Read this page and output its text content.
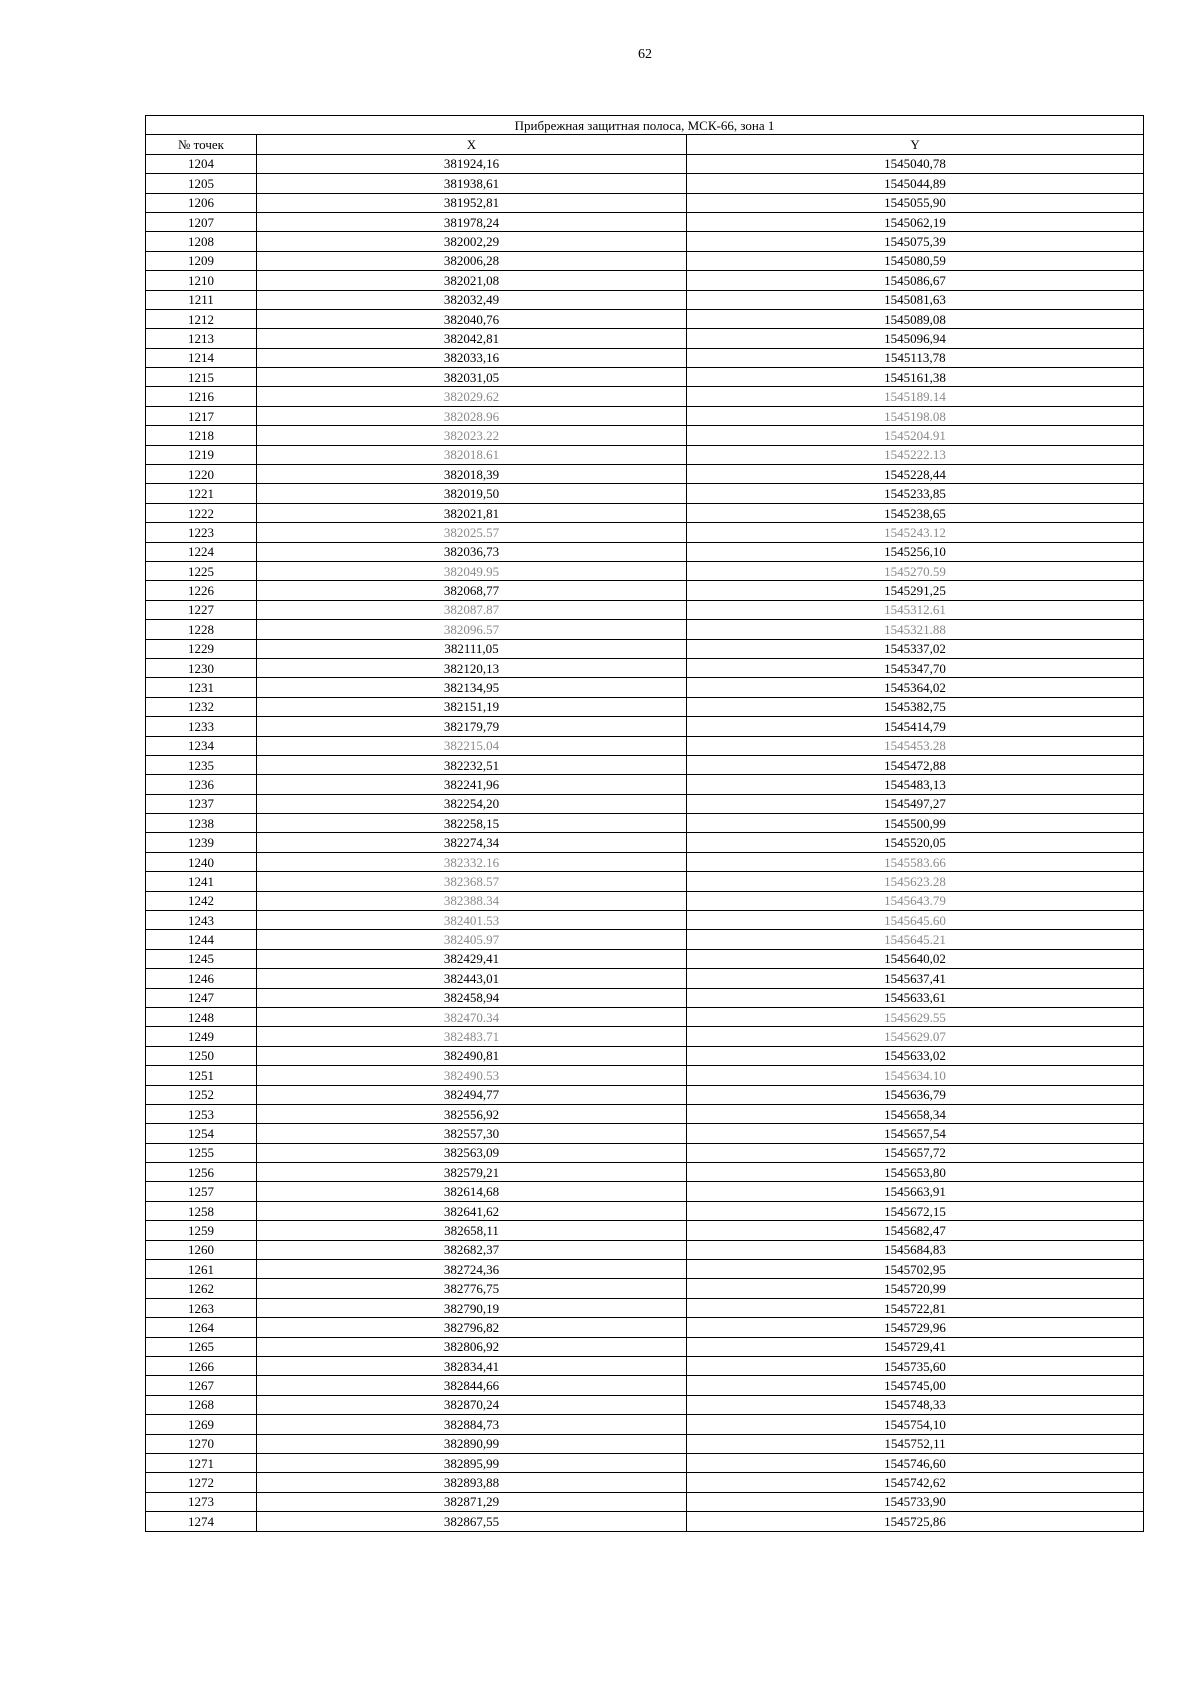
62
Прибрежная защитная полоса, МСК-66, зона 1		
№ точек	X	Y
1204	381924,16	1545040,78
1205	381938,61	1545044,89
1206	381952,81	1545055,90
1207	381978,24	1545062,19
1208	382002,29	1545075,39
1209	382006,28	1545080,59
1210	382021,08	1545086,67
1211	382032,49	1545081,63
1212	382040,76	1545089,08
1213	382042,81	1545096,94
1214	382033,16	1545113,78
1215	382031,05	1545161,38
1216	382029.62	1545189.14
1217	382028.96	1545198.08
1218	382023.22	1545204.91
1219	382018.61	1545222.13
1220	382018,39	1545228,44
1221	382019,50	1545233,85
1222	382021,81	1545238,65
1223	382025.57	1545243.12
1224	382036,73	1545256,10
1225	382049.95	1545270.59
1226	382068,77	1545291,25
1227	382087.87	1545312.61
1228	382096.57	1545321.88
1229	382111,05	1545337,02
1230	382120,13	1545347,70
1231	382134,95	1545364,02
1232	382151,19	1545382,75
1233	382179,79	1545414,79
1234	382215.04	1545453.28
1235	382232,51	1545472,88
1236	382241,96	1545483,13
1237	382254,20	1545497,27
1238	382258,15	1545500,99
1239	382274,34	1545520,05
1240	382332.16	1545583.66
1241	382368.57	1545623.28
1242	382388.34	1545643.79
1243	382401.53	1545645.60
1244	382405.97	1545645.21
1245	382429,41	1545640,02
1246	382443,01	1545637,41
1247	382458,94	1545633,61
1248	382470.34	1545629.55
1249	382483.71	1545629.07
1250	382490,81	1545633,02
1251	382490.53	1545634.10
1252	382494,77	1545636,79
1253	382556,92	1545658,34
1254	382557,30	1545657,54
1255	382563,09	1545657,72
1256	382579,21	1545653,80
1257	382614,68	1545663,91
1258	382641,62	1545672,15
1259	382658,11	1545682,47
1260	382682,37	1545684,83
1261	382724,36	1545702,95
1262	382776,75	1545720,99
1263	382790,19	1545722,81
1264	382796,82	1545729,96
1265	382806,92	1545729,41
1266	382834,41	1545735,60
1267	382844,66	1545745,00
1268	382870,24	1545748,33
1269	382884,73	1545754,10
1270	382890,99	1545752,11
1271	382895,99	1545746,60
1272	382893,88	1545742,62
1273	382871,29	1545733,90
1274	382867,55	1545725,86
